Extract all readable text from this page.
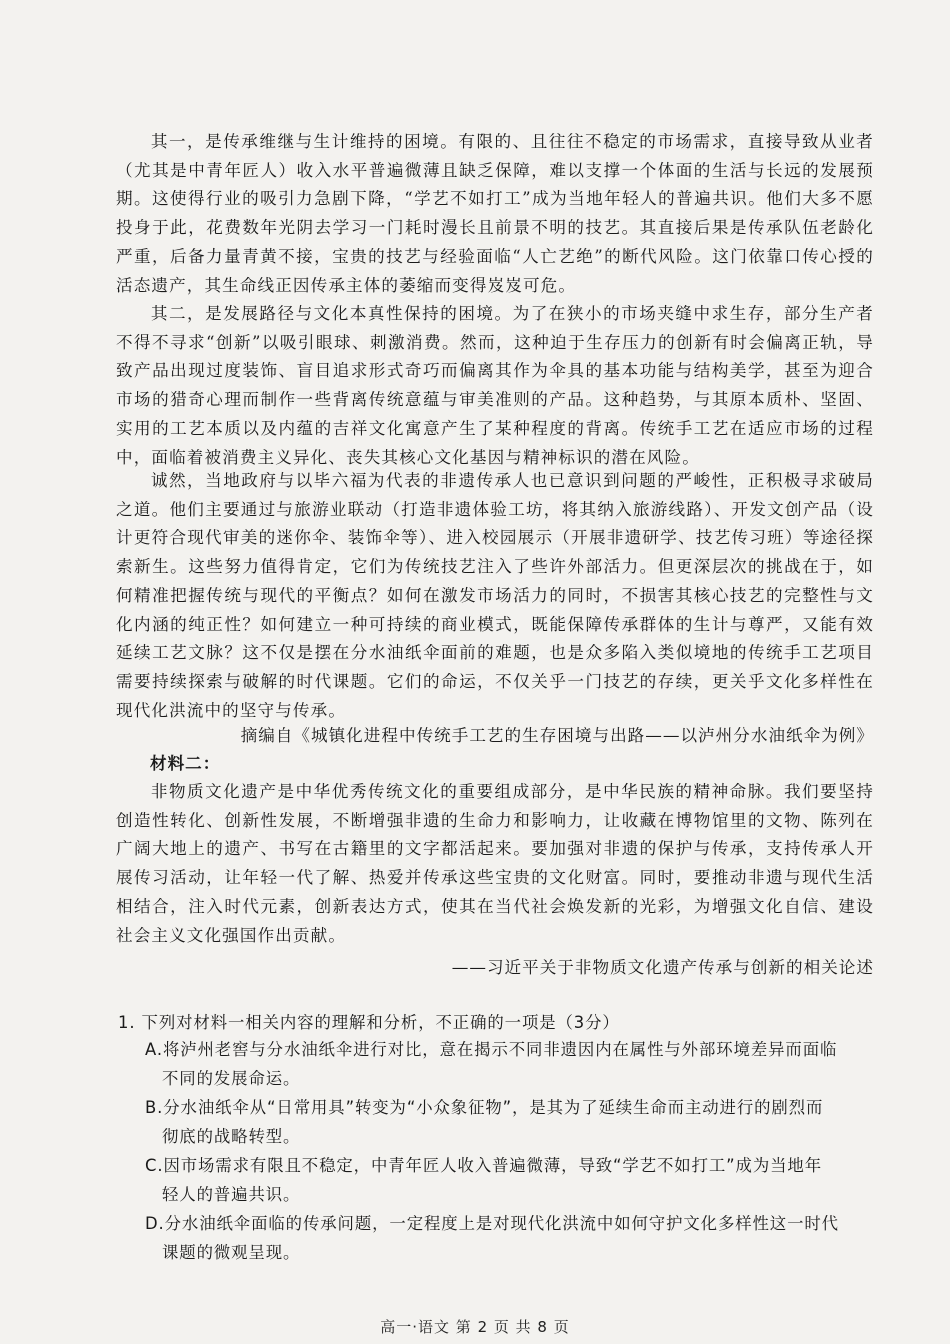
其一，是传承维继与生计维持的困境。有限的、且往往不稳定的市场需求，直接导致从业者（尤其是中青年匠人）收入水平普遍微薄且缺乏保障，难以支撑一个体面的生活与长远的发展预期。这使得行业的吸引力急剧下降，“学艺不如打工”成为当地年轻人的普遍共识。他们大多不愿投身于此，花费数年光阴去学习一门耗时漫长且前景不明的技艺。其直接后果是传承队伍老龄化严重，后备力量青黄不接，宝贵的技艺与经验面临“人亡艺绝”的断代风险。这门依靠口传心授的活态遗产，其生命线正因传承主体的萎缩而变得岌岌可危。

其二，是发展路径与文化本真性保持的困境。为了在狭小的市场夹缝中求生存，部分生产者不得不寻求“创新”以吸引眼球、刺激消费。然而，这种迫于生存压力的创新有时会偏离正轨，导致产品出现过度装饰、盲目追求形式奇巧而偏离其作为伞具的基本功能与结构美学，甚至为迎合市场的猎奇心理而制作一些背离传统意蕴与审美准则的产品。这种趋势，与其原本质朴、坚固、实用的工艺本质以及内蕴的吉祥文化寓意产生了某种程度的背离。传统手工艺在适应市场的过程中，面临着被消费主义异化、丧失其核心文化基因与精神标识的潜在风险。

诚然，当地政府与以毕六福为代表的非遗传承人也已意识到问题的严峻性，正积极寻求破局之道。他们主要通过与旅游业联动（打造非遗体验工坊，将其纳入旅游线路）、开发文创产品（设计更符合现代审美的迷你伞、装饰伞等）、进入校园展示（开展非遗研学、技艺传习班）等途径探索新生。这些努力值得肯定，它们为传统技艺注入了些许外部活力。但更深层次的挑战在于，如何精准把握传统与现代的平衡点？如何在激发市场活力的同时，不损害其核心技艺的完整性与文化内涵的纯正性？如何建立一种可持续的商业模式，既能保障传承群体的生计与尊严，又能有效延续工艺文脉？这不仅是摆在分水油纸伞面前的难题，也是众多陷入类似境地的传统手工艺项目需要持续探索与破解的时代课题。它们的命运，不仅关乎一门技艺的存续，更关乎文化多样性在现代化洪流中的坚守与传承。

摘编自《城镇化进程中传统手工艺的生存困境与出路——以泸州分水油纸伞为例》

材料二：

非物质文化遗产是中华优秀传统文化的重要组成部分，是中华民族的精神命脉。我们要坚持创造性转化、创新性发展，不断增强非遗的生命力和影响力，让收藏在博物馆里的文物、陈列在广阔大地上的遗产、书写在古籍里的文字都活起来。要加强对非遗的保护与传承，支持传承人开展传习活动，让年轻一代了解、热爱并传承这些宝贵的文化财富。同时，要推动非遗与现代生活相结合，注入时代元素，创新表达方式，使其在当代社会焕发新的光彩，为增强文化自信、建设社会主义文化强国作出贡献。

——习近平关于非物质文化遗产传承与创新的相关论述

1. 下列对材料一相关内容的理解和分析，不正确的一项是（3分）

A.将泸州老窖与分水油纸伞进行对比，意在揭示不同非遗因内在属性与外部环境差异而面临
不同的发展命运。
B.分水油纸伞从“日常用具”转变为“小众象征物”，是其为了延续生命而主动进行的剧烈而
彻底的战略转型。
C.因市场需求有限且不稳定，中青年匠人收入普遍微薄，导致“学艺不如打工”成为当地年
轻人的普遍共识。
D.分水油纸伞面临的传承问题，一定程度上是对现代化洪流中如何守护文化多样性这一时代
课题的微观呈现。

高一·语文 第 2 页 共 8 页
